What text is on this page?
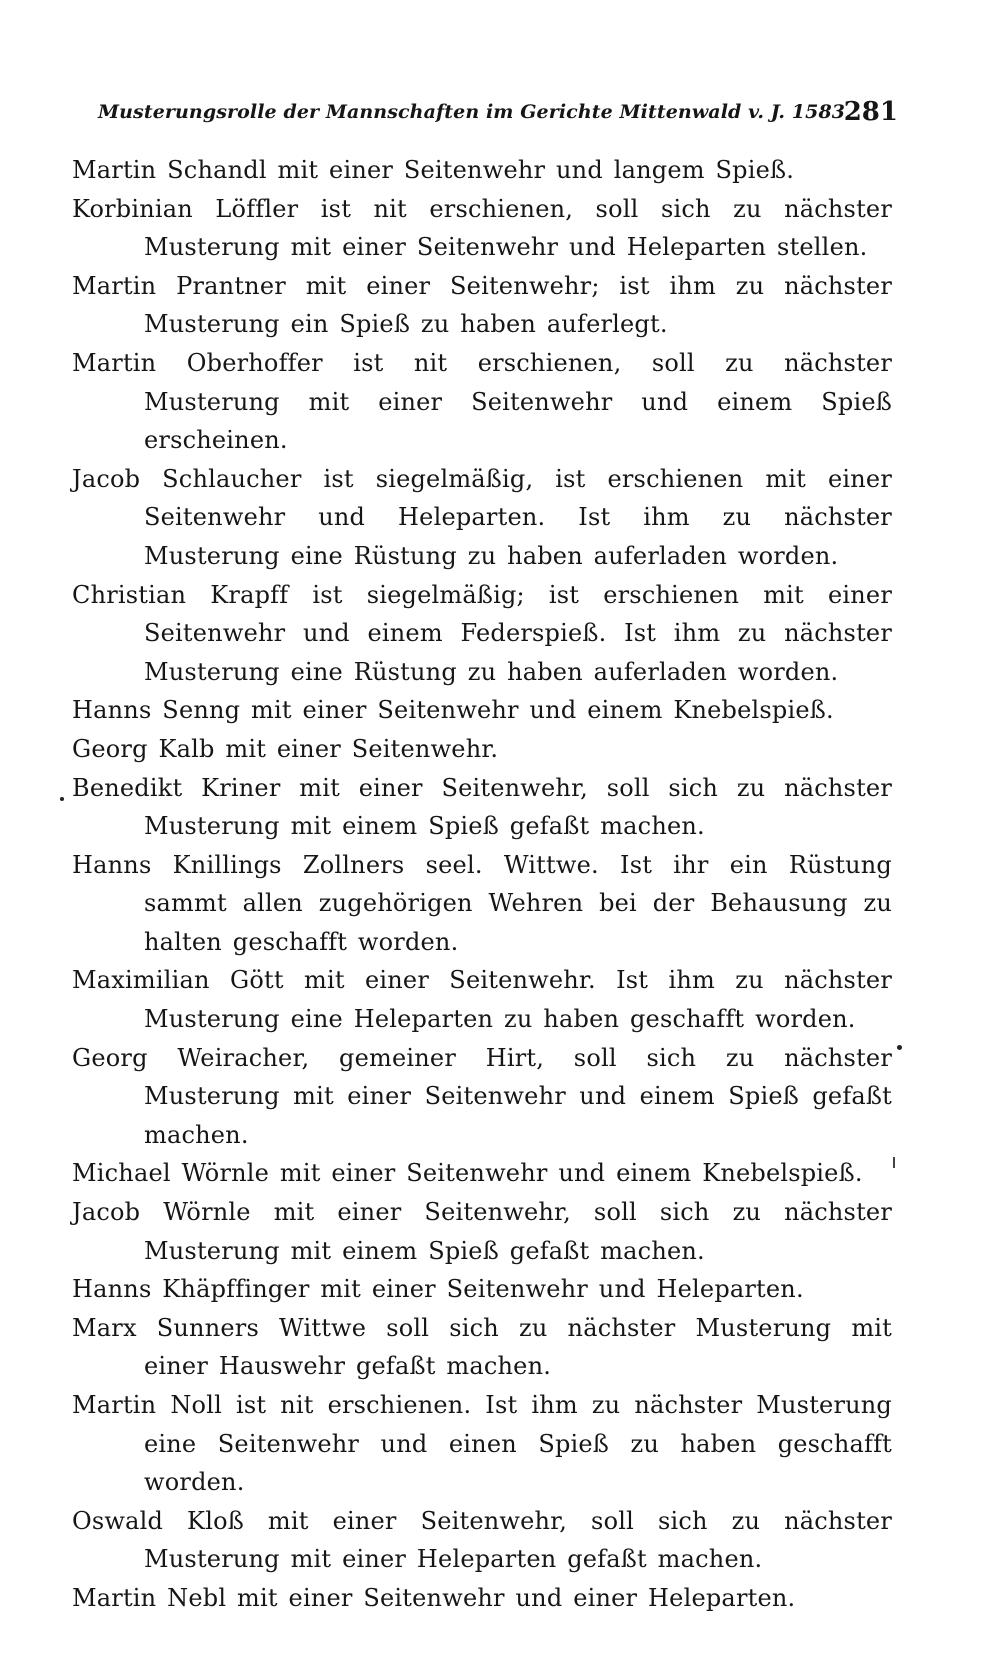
Musterungsrolle der Mannschaften im Gerichte Mittenwald v. J. 1583.
281

Martin Schandl mit einer Seitenwehr und langem Spieß.

Korbinian Löffler ist nit erschienen, soll sich zu nächster Musterung mit einer Seitenwehr und Heleparten stellen.

Martin Prantner mit einer Seitenwehr; ist ihm zu nächster Musterung ein Spieß zu haben auferlegt.

Martin Oberhoffer ist nit erschienen, soll zu nächster Musterung mit einer Seitenwehr und einem Spieß erscheinen.

Jacob Schlaucher ist siegelmäßig, ist erschienen mit einer Seitenwehr und Heleparten. Ist ihm zu nächster Musterung eine Rüstung zu haben auferladen worden.

Christian Krapff ist siegelmäßig; ist erschienen mit einer Seitenwehr und einem Federspieß. Ist ihm zu nächster Musterung eine Rüstung zu haben auferladen worden.

Hanns Senng mit einer Seitenwehr und einem Knebelspieß.

Georg Kalb mit einer Seitenwehr.

Benedikt Kriner mit einer Seitenwehr, soll sich zu nächster Musterung mit einem Spieß gefaßt machen.

Hanns Knillings Zollners seel. Wittwe. Ist ihr ein Rüstung sammt allen zugehörigen Wehren bei der Behausung zu halten geschafft worden.

Maximilian Gött mit einer Seitenwehr. Ist ihm zu nächster Musterung eine Heleparten zu haben geschafft worden.

Georg Weiracher, gemeiner Hirt, soll sich zu nächster Musterung mit einer Seitenwehr und einem Spieß gefaßt machen.

Michael Wörnle mit einer Seitenwehr und einem Knebelspieß.

Jacob Wörnle mit einer Seitenwehr, soll sich zu nächster Musterung mit einem Spieß gefaßt machen.

Hanns Khäpffinger mit einer Seitenwehr und Heleparten.

Marx Sunners Wittwe soll sich zu nächster Musterung mit einer Hauswehr gefaßt machen.

Martin Noll ist nit erschienen. Ist ihm zu nächster Musterung eine Seitenwehr und einen Spieß zu haben geschafft worden.

Oswald Kloß mit einer Seitenwehr, soll sich zu nächster Musterung mit einer Heleparten gefaßt machen.

Martin Nebl mit einer Seitenwehr und einer Heleparten.
